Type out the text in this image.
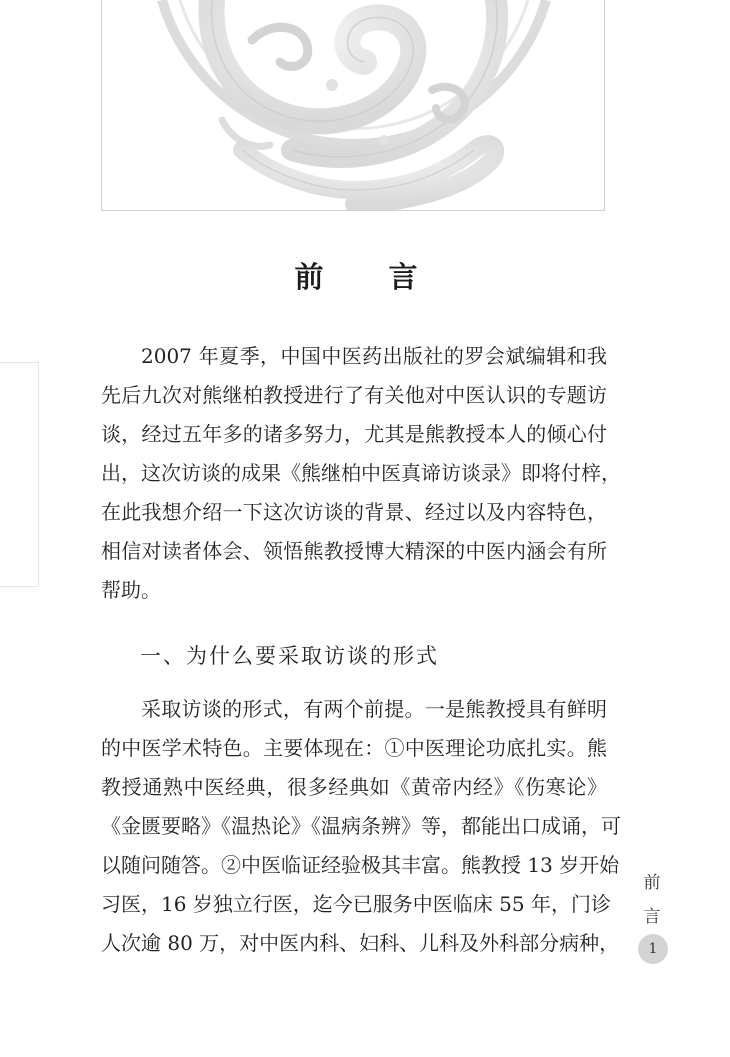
前　言

2007 年夏季，中国中医药出版社的罗会斌编辑和我
先后九次对熊继柏教授进行了有关他对中医认识的专题访
谈，经过五年多的诸多努力，尤其是熊教授本人的倾心付
出，这次访谈的成果《熊继柏中医真谛访谈录》即将付梓，
在此我想介绍一下这次访谈的背景、经过以及内容特色，
相信对读者体会、领悟熊教授博大精深的中医内涵会有所
帮助。

一、为什么要采取访谈的形式

采取访谈的形式，有两个前提。一是熊教授具有鲜明
的中医学术特色。主要体现在：①中医理论功底扎实。熊
教授通熟中医经典，很多经典如《黄帝内经》《伤寒论》
《金匮要略》《温热论》《温病条辨》等，都能出口成诵，可
以随问随答。②中医临证经验极其丰富。熊教授 13 岁开始
习医，16 岁独立行医，迄今已服务中医临床 55 年，门诊
人次逾 80 万，对中医内科、妇科、儿科及外科部分病种，

前
言
1
